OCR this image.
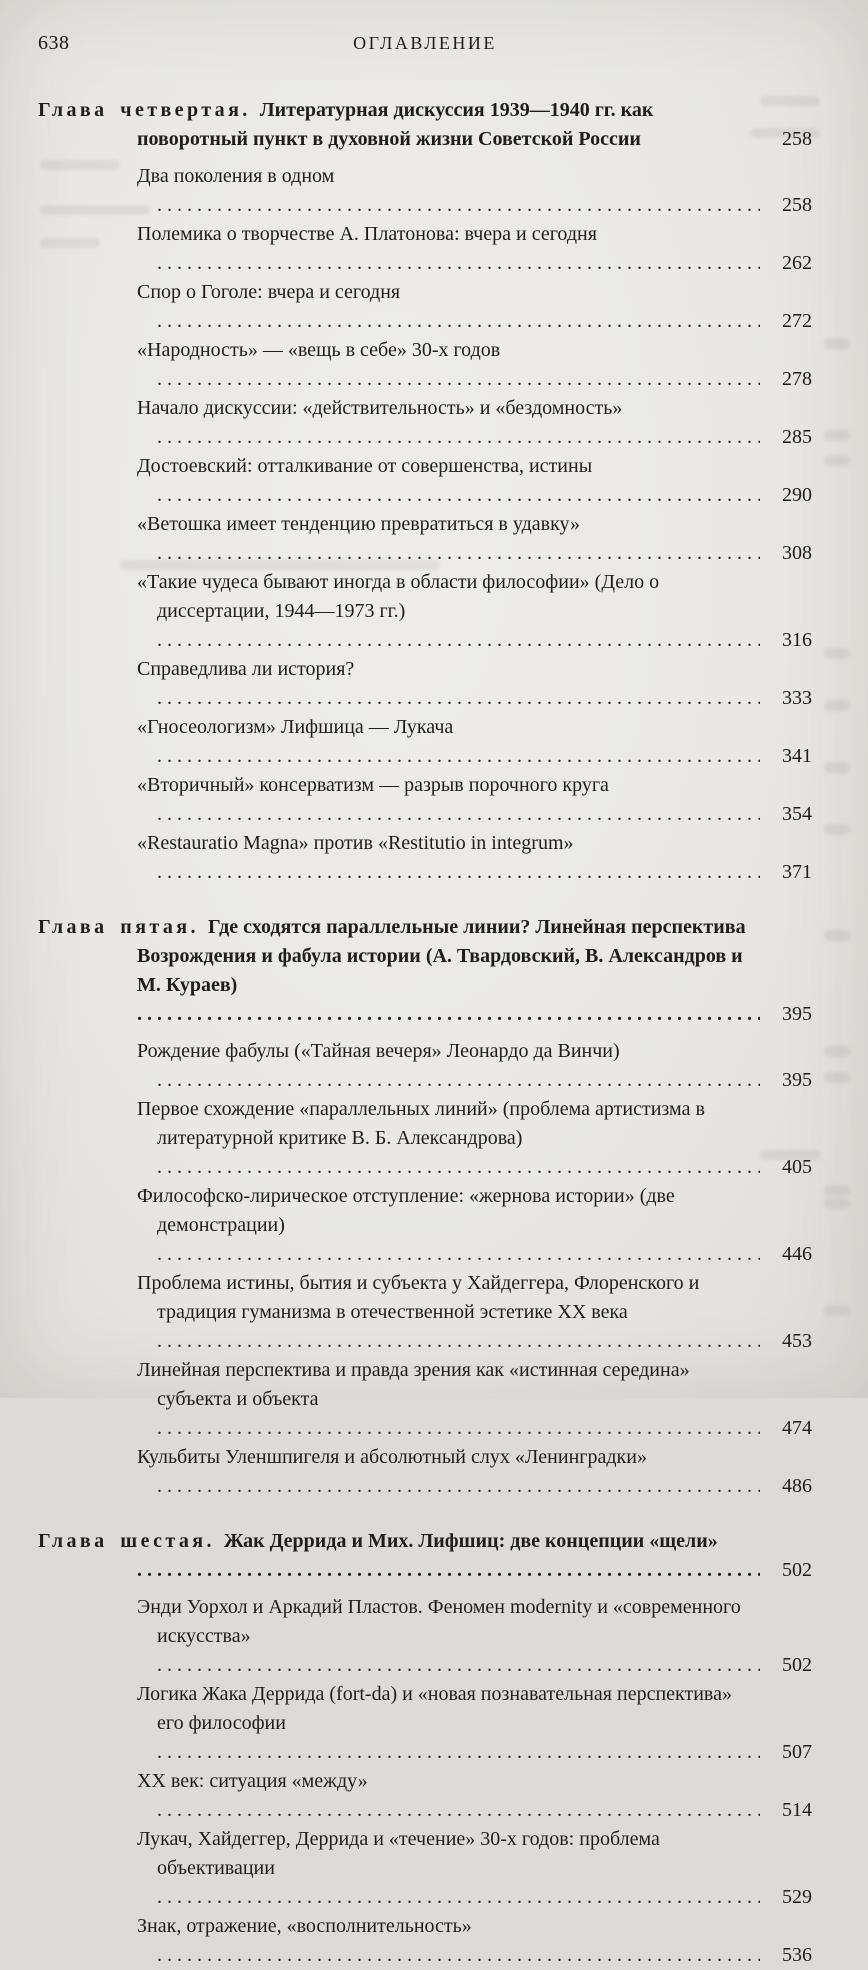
638	ОГЛАВЛЕНИЕ
Глава четвертая. Литературная дискуссия 1939—1940 гг. как поворотный пункт в духовной жизни Советской России	258
Два поколения в одном . . .
258
Полемика о творчестве А. Платонова: вчера и сегодня . . .
262
Спор о Гоголе: вчера и сегодня . . .
272
«Народность» — «вещь в себе» 30-х годов . . .
278
Начало дискуссии: «действительность» и «бездомность» . . .
285
Достоевский: отталкивание от совершенства, истины . . .
290
«Ветошка имеет тенденцию превратиться в удавку» . . .
308
«Такие чудеса бывают иногда в области философии» (Дело о диссертации, 1944—1973 гг.) . . .
316
Справедлива ли история? . . .
333
«Гносеологизм» Лифшица — Лукача . . .
341
«Вторичный» консерватизм — разрыв порочного круга . . .
354
«Restauratio Magna» против «Restitutio in integrum» . . .
371
Глава пятая. Где сходятся параллельные линии? Линейная перспектива Возрождения и фабула истории (А. Твардовский, В. Александров и М. Кураев) . . .
395
Рождение фабулы («Тайная вечеря» Леонардо да Винчи) . . .
395
Первое схождение «параллельных линий» (проблема артистизма в литературной критике В. Б. Александрова) . . .
405
Философско-лирическое отступление: «жернова истории» (две демонстрации) . . .
446
Проблема истины, бытия и субъекта у Хайдеггера, Флоренского и традиция гуманизма в отечественной эстетике XX века . . .
453
Линейная перспектива и правда зрения как «истинная середина» субъекта и объекта . . .
474
Кульбиты Уленшпигеля и абсолютный слух «Ленинградки» . . .
486
Глава шестая. Жак Деррида и Мих. Лифшиц: две концепции «щели» . . .
502
Энди Уорхол и Аркадий Пластов. Феномен modernity и «современного искусства» . . .
502
Логика Жака Деррида (fort-da) и «новая познавательная перспектива» его философии . . .
507
XX век: ситуация «между» . . .
514
Лукач, Хайдеггер, Деррида и «течение» 30-х годов: проблема объективации . . .
529
Знак, отражение, «восполнительность» . . .
536
